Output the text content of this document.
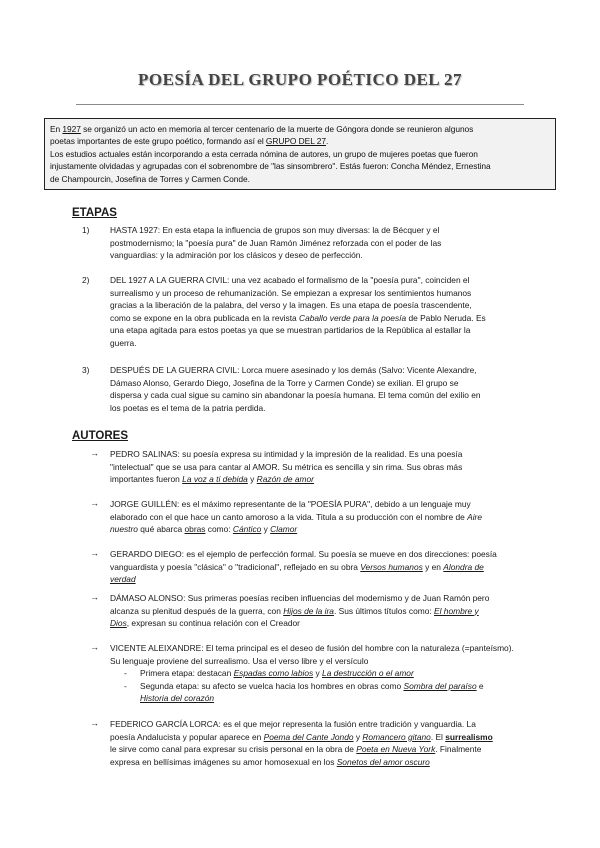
POESÍA DEL GRUPO POÉTICO DEL 27

En 1927 se organizó un acto en memoria al tercer centenario de la muerte de Góngora donde se reunieron algunos

poetas importantes de este grupo poético, formando así el GRUPO DEL 27.

Los estudios actuales están incorporando a esta cerrada nómina de autores, un grupo de mujeres poetas que fueron

injustamente olvidadas y agrupadas con el sobrenombre de "las sinsombrero". Estás fueron: Concha Méndez, Ernestina

de Champourcin, Josefina de Torres y Carmen Conde.

ETAPAS
1)	HASTA 1927: En esta etapa la influencia de grupos son muy diversas: la de Bécquer y el
postmodernismo; la "poesía pura" de Juan Ramón Jiménez reforzada con el poder de las
vanguardias: y la admiración por los clásicos y deseo de perfección.
2)	DEL 1927 A LA GUERRA CIVIL: una vez acabado el formalismo de la "poesía pura", coinciden el
surrealismo y un proceso de rehumanización. Se empiezan a expresar los sentimientos humanos
gracias a la liberación de la palabra, del verso y la imagen. Es una etapa de poesía trascendente,
como se expone en la obra publicada en la revista Caballo verde para la poesía de Pablo Neruda. Es
una etapa agitada para estos poetas ya que se muestran partidarios de la República al estallar la
guerra.
3)	DESPUÉS DE LA GUERRA CIVIL: Lorca muere asesinado y los demás (Salvo: Vicente Alexandre,
Dámaso Alonso, Gerardo Diego, Josefina de la Torre y Carmen Conde) se exilian. El grupo se
dispersa y cada cual sigue su camino sin abandonar la poesía humana. El tema común del exilio en
los poetas es el tema de la patria perdida.
AUTORES
→ PEDRO SALINAS: su poesía expresa su intimidad y la impresión de la realidad. Es una poesía
"intelectual" que se usa para cantar al AMOR. Su métrica es sencilla y sin rima. Sus obras más
importantes fueron La voz a ti debida y Razón de amor
→ JORGE GUILLÉN: es el máximo representante de la "POESÍA PURA", debido a un lenguaje muy
elaborado con el que hace un canto amoroso a la vida. Titula a su producción con el nombre de Aire
nuestro qué abarca obras como: Cántico y Clamor
→ GERARDO DIEGO: es el ejemplo de perfección formal. Su poesía se mueve en dos direcciones: poesía
vanguardista y poesía "clásica" o "tradicional", reflejado en su obra Versos humanos y en Alondra de
verdad
→ DÁMASO ALONSO: Sus primeras poesías reciben influencias del modernismo y de Juan Ramón pero
alcanza su plenitud después de la guerra, con Hijos de la ira. Sus últimos títulos como: El hombre y
Dios, expresan su continua relación con el Creador
→ VICENTE ALEIXANDRE: El tema principal es el deseo de fusión del hombre con la naturaleza (=panteísmo).
Su lenguaje proviene del surrealismo. Usa el verso libre y el versículo
- Primera etapa: destacan Espadas como labios y La destrucción o el amor
- Segunda etapa: su afecto se vuelca hacia los hombres en obras como Sombra del paraíso e
Historia del corazón
→ FEDERICO GARCÍA LORCA: es el que mejor representa la fusión entre tradición y vanguardia. La
poesía Andalucista y popular aparece en Poema del Cante Jondo y Romancero gitano. El surrealismo
le sirve como canal para expresar su crisis personal en la obra de Poeta en Nueva York. Finalmente
expresa en bellísimas imágenes su amor homosexual en los Sonetos del amor oscuro
